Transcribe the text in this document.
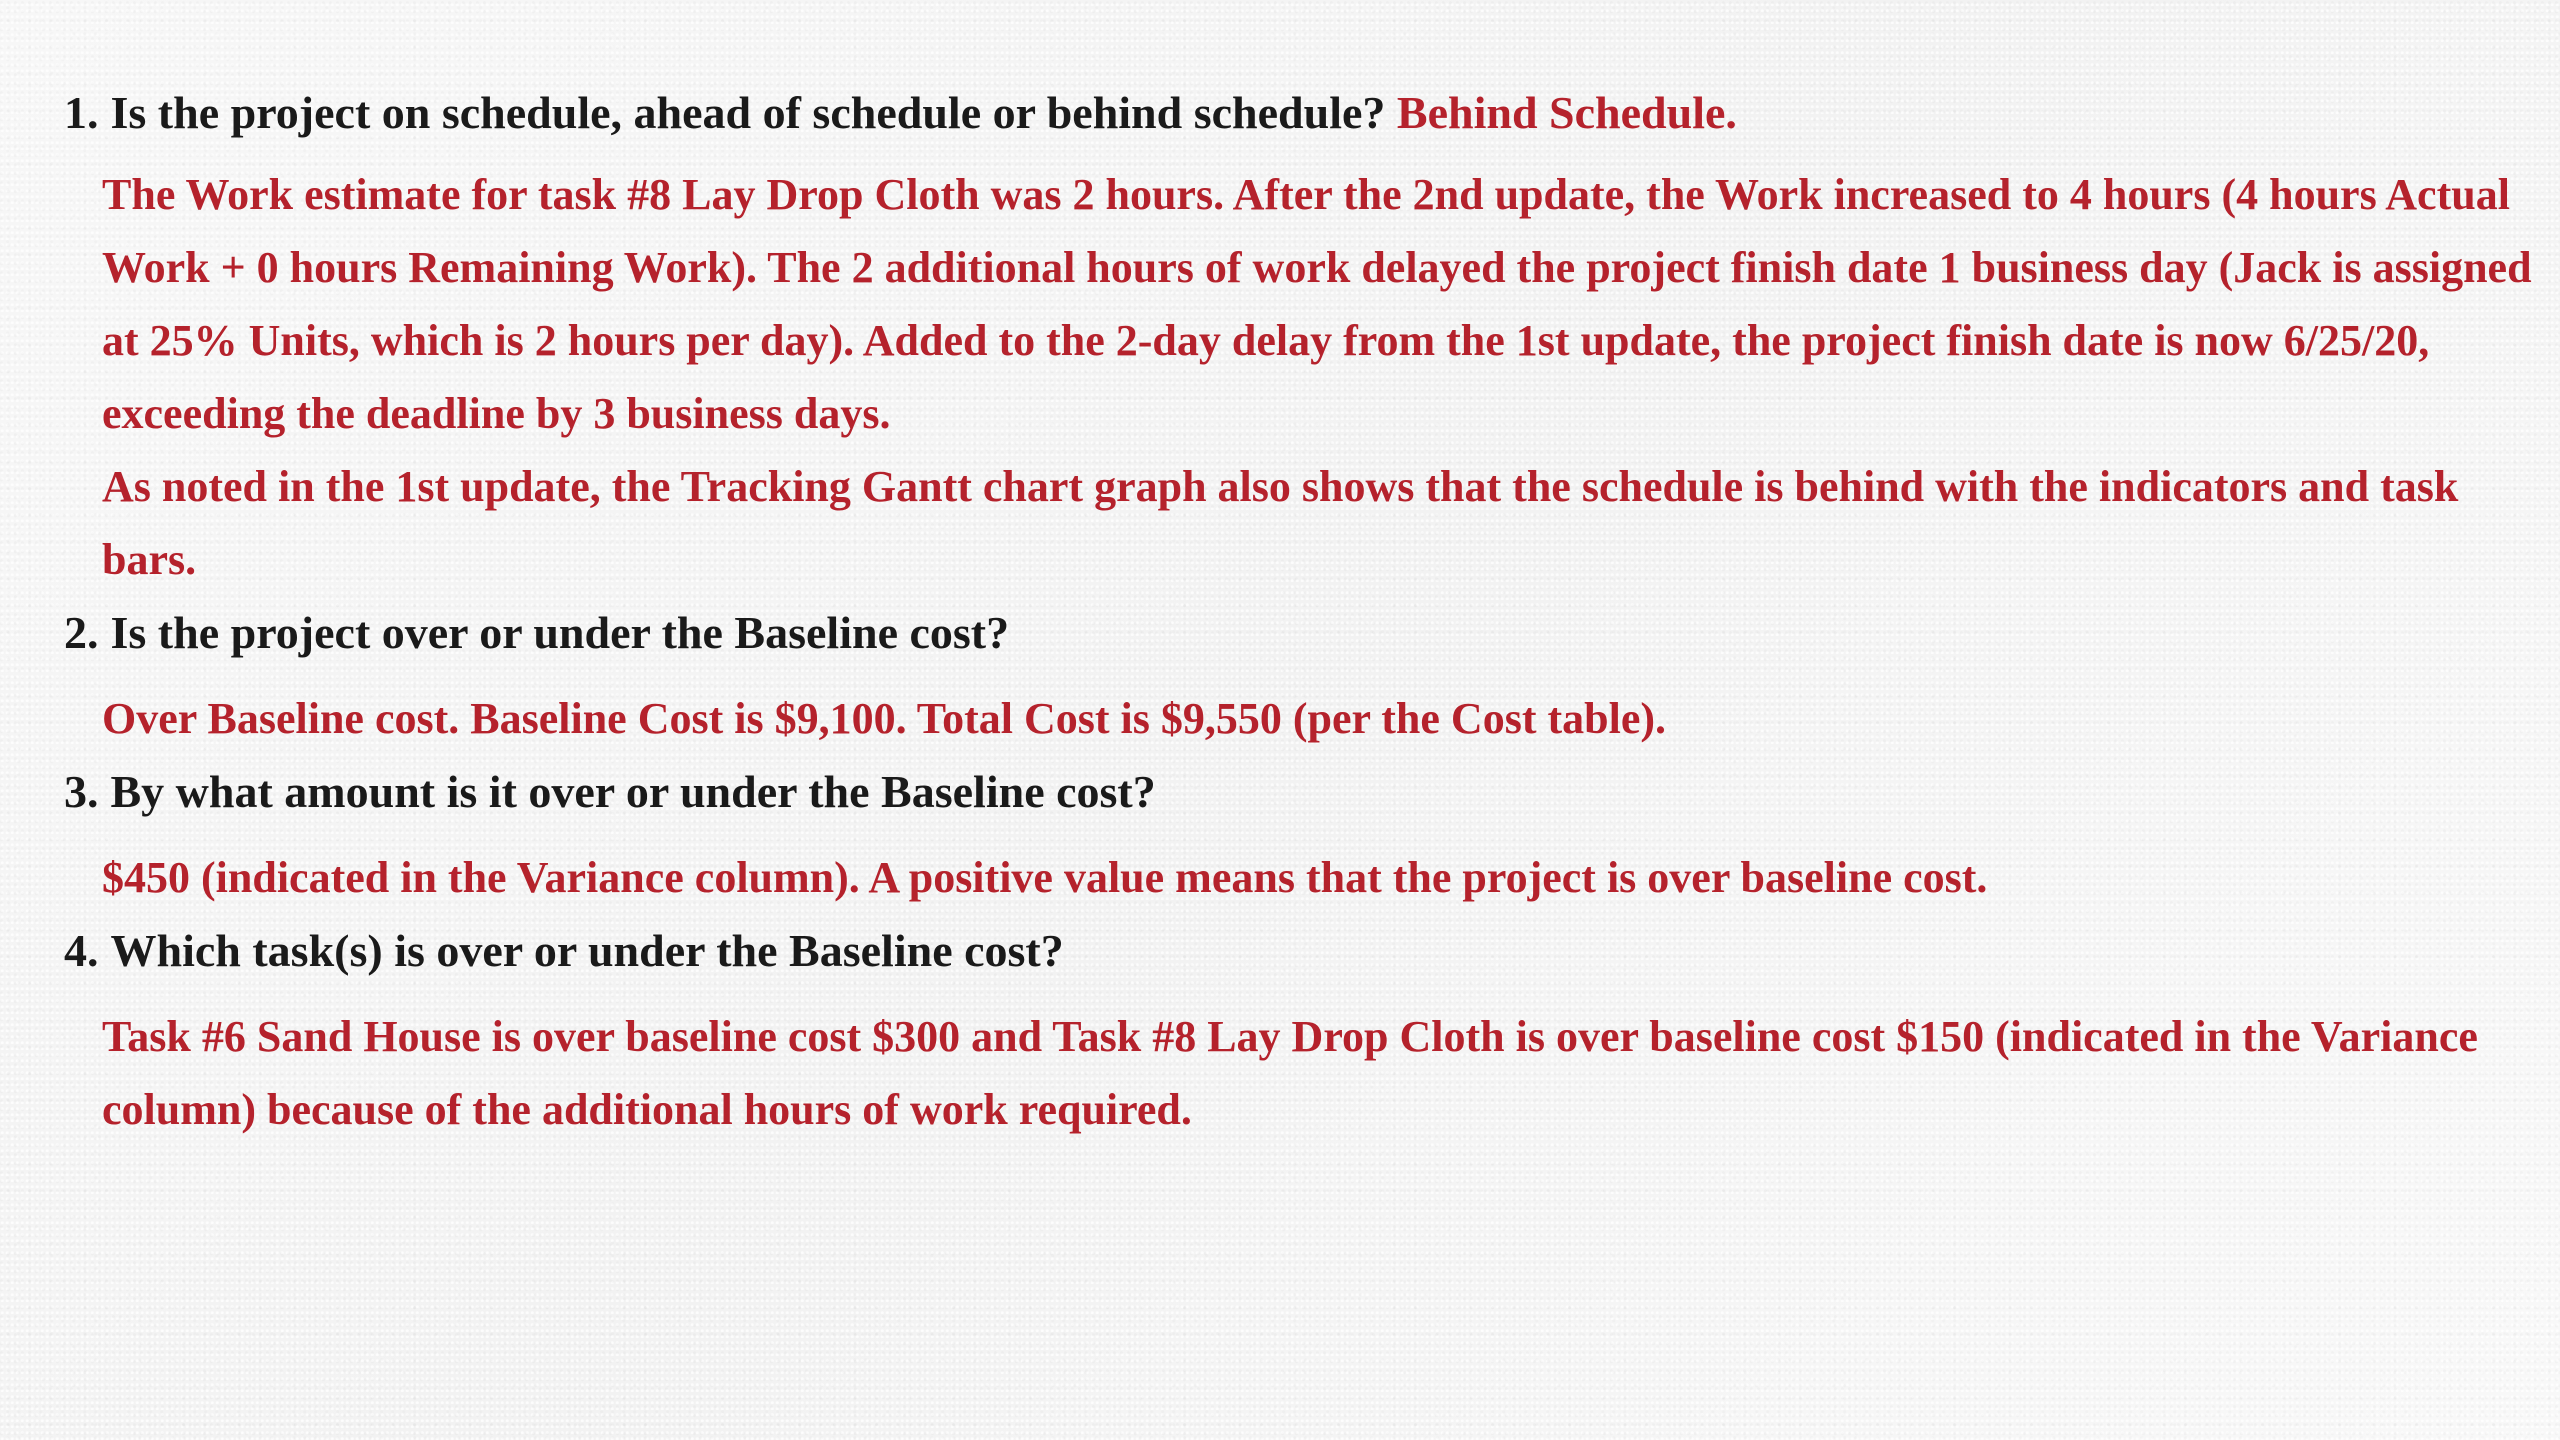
1. Is the project on schedule, ahead of schedule or behind schedule? Behind Schedule.

The Work estimate for task #8 Lay Drop Cloth was 2 hours. After the 2nd update, the Work increased to 4 hours (4 hours Actual Work + 0 hours Remaining Work). The 2 additional hours of work delayed the project finish date 1 business day (Jack is assigned at 25% Units, which is 2 hours per day). Added to the 2-day delay from the 1st update, the project finish date is now 6/25/20, exceeding the deadline by 3 business days.

As noted in the 1st update, the Tracking Gantt chart graph also shows that the schedule is behind with the indicators and task bars.

2. Is the project over or under the Baseline cost?

Over Baseline cost. Baseline Cost is $9,100. Total Cost is $9,550 (per the Cost table).

3. By what amount is it over or under the Baseline cost?

$450 (indicated in the Variance column). A positive value means that the project is over baseline cost.

4. Which task(s) is over or under the Baseline cost?

Task #6 Sand House is over baseline cost $300 and Task #8 Lay Drop Cloth is over baseline cost $150 (indicated in the Variance column) because of the additional hours of work required.
